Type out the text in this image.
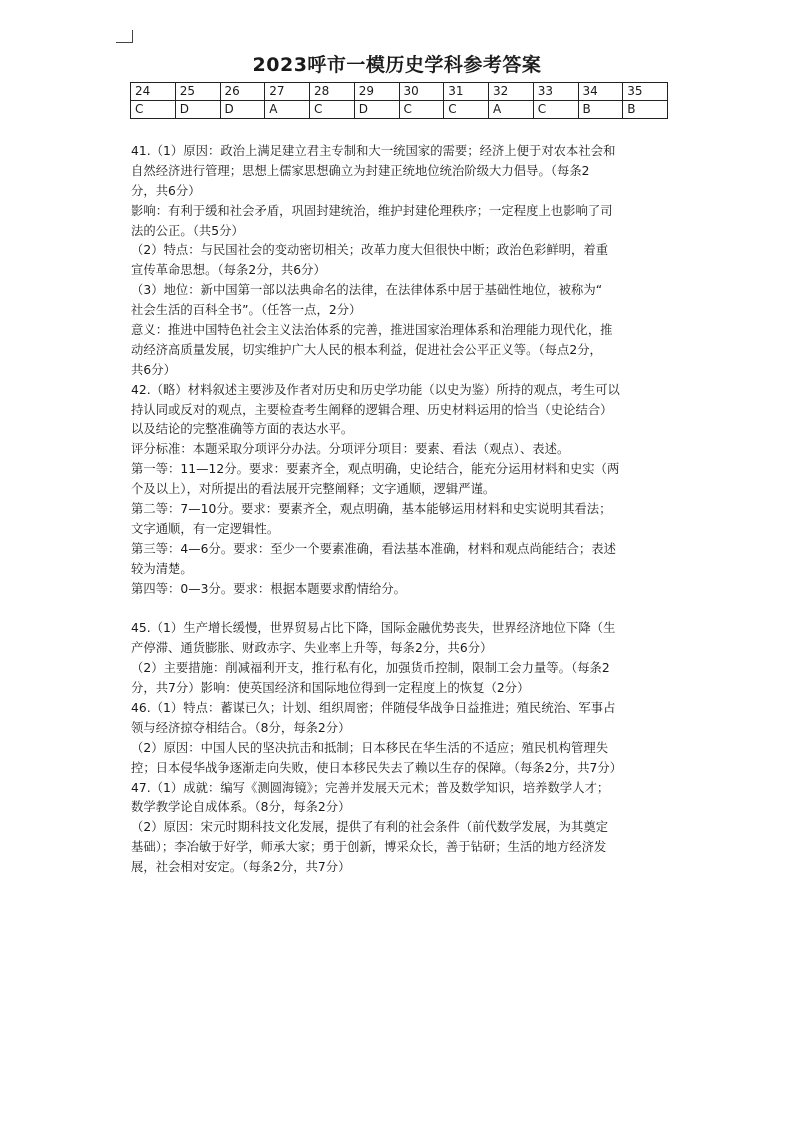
2023呼市一模历史学科参考答案
24	25	26	27	28	29	30	31	32	33	34	35
C	D	D	A	C	D	C	C	A	C	B	B
41.（1）原因：政治上满足建立君主专制和大一统国家的需要；经济上便于对农本社会和
自然经济进行管理；思想上儒家思想确立为封建正统地位统治阶级大力倡导。（每条2
分，共6分）
影响：有利于缓和社会矛盾，巩固封建统治，维护封建伦理秩序；一定程度上也影响了司
法的公正。（共5分）
（2）特点：与民国社会的变动密切相关；改革力度大但很快中断；政治色彩鲜明，着重
宣传革命思想。（每条2分，共6分）
（3）地位：新中国第一部以法典命名的法律，在法律体系中居于基础性地位，被称为“
社会生活的百科全书”。（任答一点，2分）
意义：推进中国特色社会主义法治体系的完善，推进国家治理体系和治理能力现代化，推
动经济高质量发展，切实维护广大人民的根本利益，促进社会公平正义等。（每点2分，
共6分）
42.（略）材料叙述主要涉及作者对历史和历史学功能（以史为鉴）所持的观点，考生可以
持认同或反对的观点，主要检查考生阐释的逻辑合理、历史材料运用的恰当（史论结合）
以及结论的完整准确等方面的表达水平。
评分标准：本题采取分项评分办法。分项评分项目：要素、看法（观点）、表述。
第一等：11—12分。要求：要素齐全，观点明确，史论结合，能充分运用材料和史实（两
个及以上），对所提出的看法展开完整阐释；文字通顺，逻辑严谨。
第二等：7—10分。要求：要素齐全，观点明确，基本能够运用材料和史实说明其看法；
文字通顺，有一定逻辑性。
第三等：4—6分。要求：至少一个要素准确，看法基本准确，材料和观点尚能结合；表述
较为清楚。
第四等：0—3分。要求：根据本题要求酌情给分。
45.（1）生产增长缓慢，世界贸易占比下降，国际金融优势丧失，世界经济地位下降（生
产停滞、通货膨胀、财政赤字、失业率上升等，每条2分，共6分）
（2）主要措施：削减福利开支，推行私有化，加强货币控制，限制工会力量等。（每条2
分，共7分）影响：使英国经济和国际地位得到一定程度上的恢复（2分）
46.（1）特点：蓄谋已久；计划、组织周密；伴随侵华战争日益推进；殖民统治、军事占
领与经济掠夺相结合。（8分，每条2分）
（2）原因：中国人民的坚决抗击和抵制；日本移民在华生活的不适应；殖民机构管理失
控；日本侵华战争逐渐走向失败，使日本移民失去了赖以生存的保障。（每条2分，共7分）
47.（1）成就：编写《测圆海镜》；完善并发展天元术；普及数学知识，培养数学人才；
数学教学论自成体系。（8分，每条2分）
（2）原因：宋元时期科技文化发展，提供了有利的社会条件（前代数学发展，为其奠定
基础）；李冶敏于好学，师承大家；勇于创新，博采众长，善于钻研；生活的地方经济发
展，社会相对安定。（每条2分，共7分）
